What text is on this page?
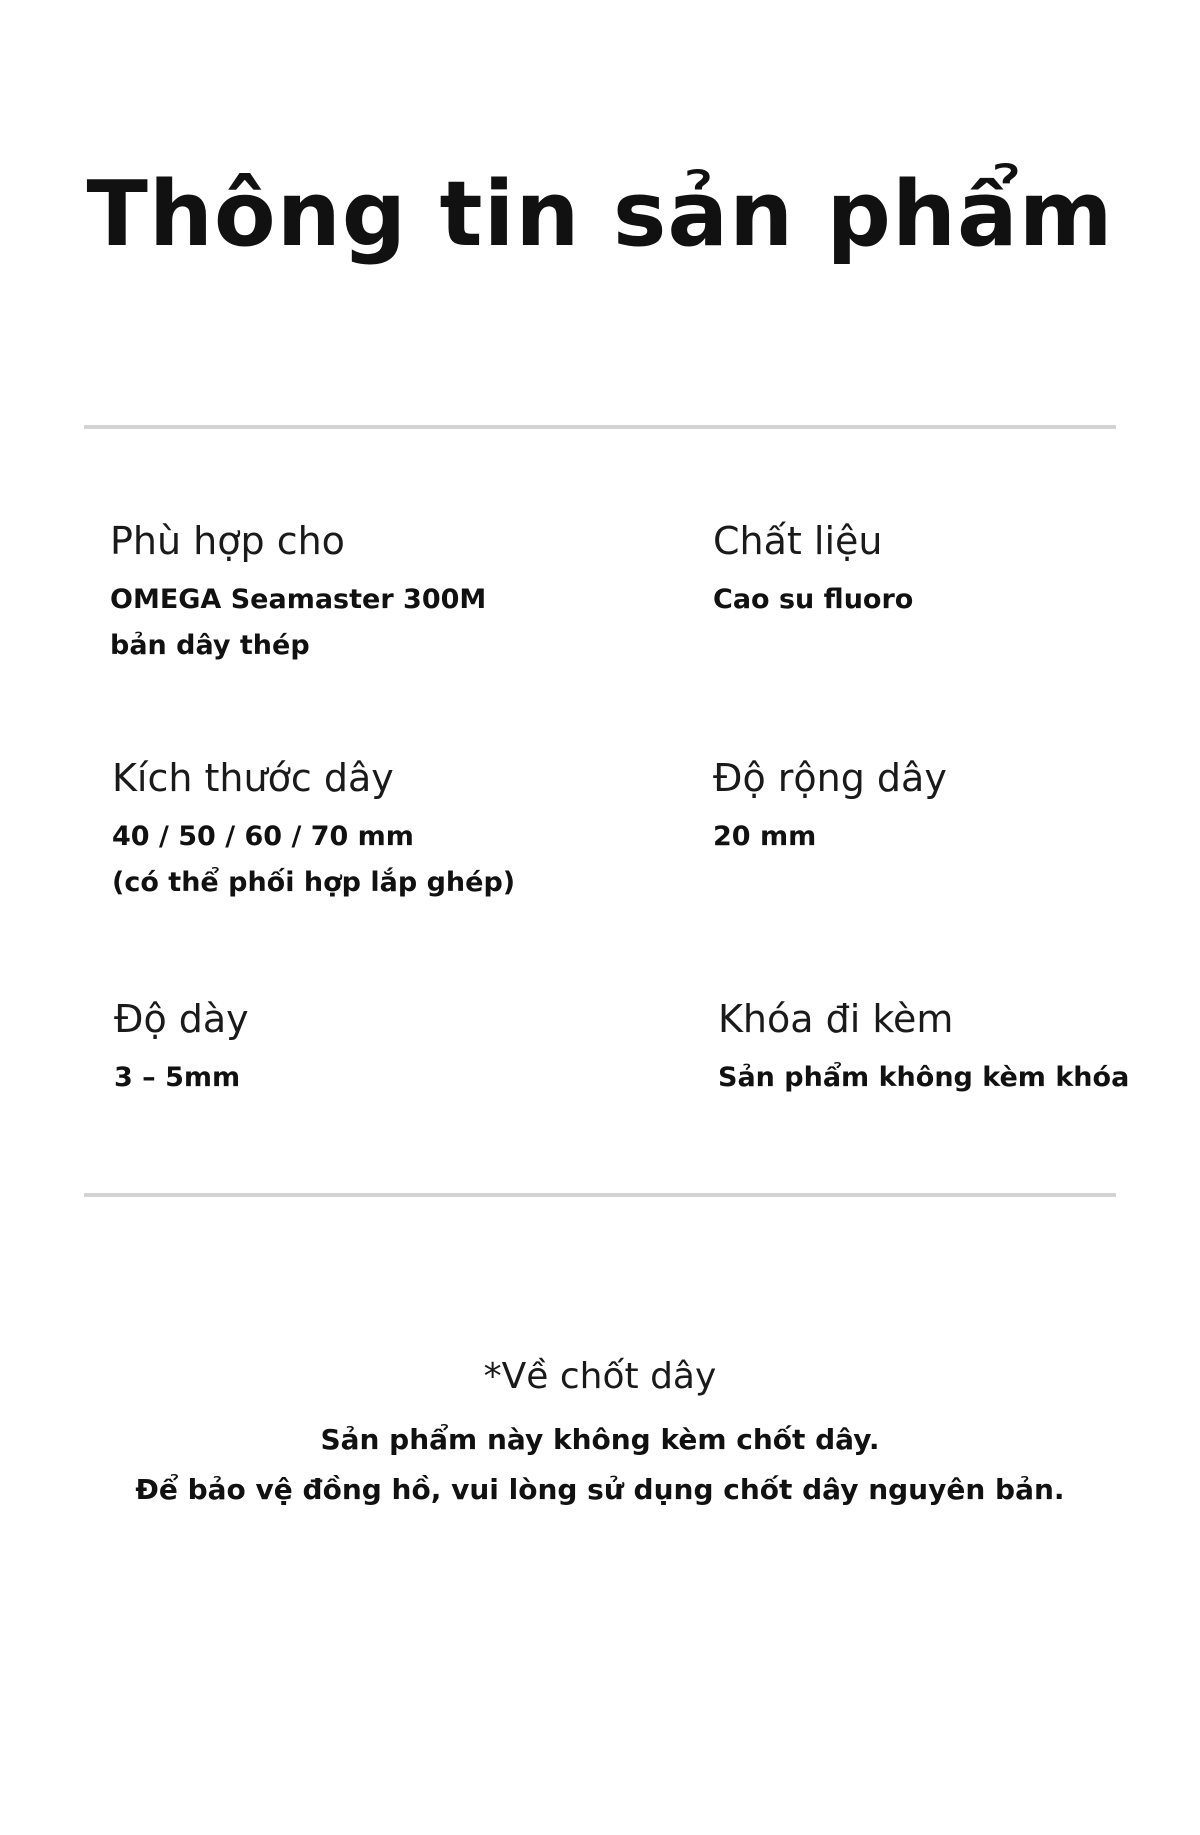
Thông tin sản phẩm
Phù hợp cho
OMEGA Seamaster 300M
bản dây thép
Chất liệu
Cao su fluoro
Kích thước dây
40 / 50 / 60 / 70 mm
(có thể phối hợp lắp ghép)
Độ rộng dây
20 mm
Độ dày
3 – 5mm
Khóa đi kèm
Sản phẩm không kèm khóa
*Về chốt dây
Sản phẩm này không kèm chốt dây.
Để bảo vệ đồng hồ, vui lòng sử dụng chốt dây nguyên bản.
